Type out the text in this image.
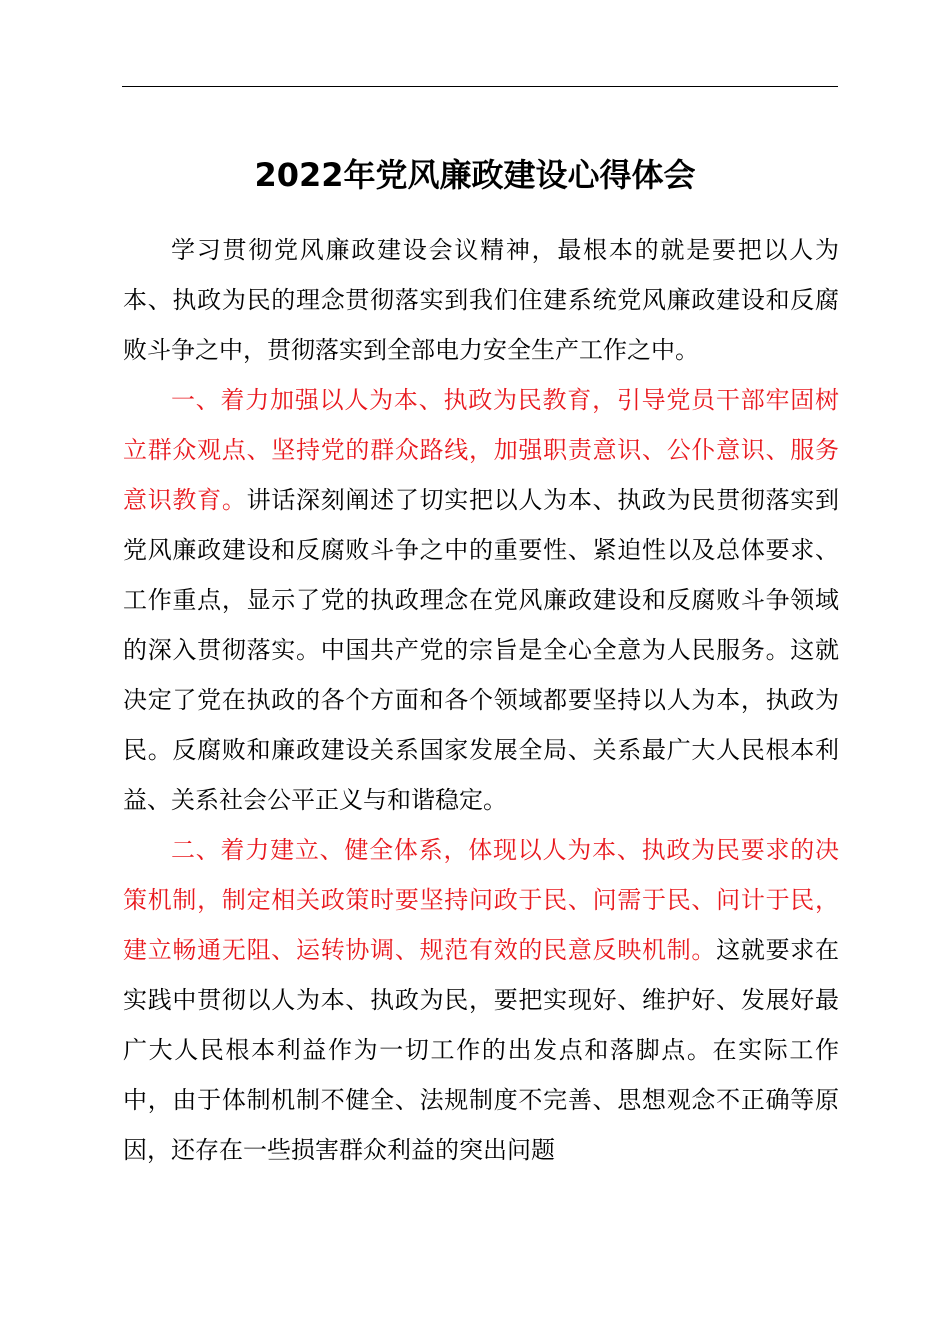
2022年党风廉政建设心得体会

学习贯彻党风廉政建设会议精神，最根本的就是要把以人为本、执政为民的理念贯彻落实到我们住建系统党风廉政建设和反腐败斗争之中，贯彻落实到全部电力安全生产工作之中。

一、着力加强以人为本、执政为民教育，引导党员干部牢固树立群众观点、坚持党的群众路线，加强职责意识、公仆意识、服务意识教育。讲话深刻阐述了切实把以人为本、执政为民贯彻落实到党风廉政建设和反腐败斗争之中的重要性、紧迫性以及总体要求、工作重点，显示了党的执政理念在党风廉政建设和反腐败斗争领域的深入贯彻落实。中国共产党的宗旨是全心全意为人民服务。这就决定了党在执政的各个方面和各个领域都要坚持以人为本，执政为民。反腐败和廉政建设关系国家发展全局、关系最广大人民根本利益、关系社会公平正义与和谐稳定。

二、着力建立、健全体系，体现以人为本、执政为民要求的决策机制，制定相关政策时要坚持问政于民、问需于民、问计于民，建立畅通无阻、运转协调、规范有效的民意反映机制。这就要求在实践中贯彻以人为本、执政为民，要把实现好、维护好、发展好最广大人民根本利益作为一切工作的出发点和落脚点。在实际工作中，由于体制机制不健全、法规制度不完善、思想观念不正确等原因，还存在一些损害群众利益的突出问题
